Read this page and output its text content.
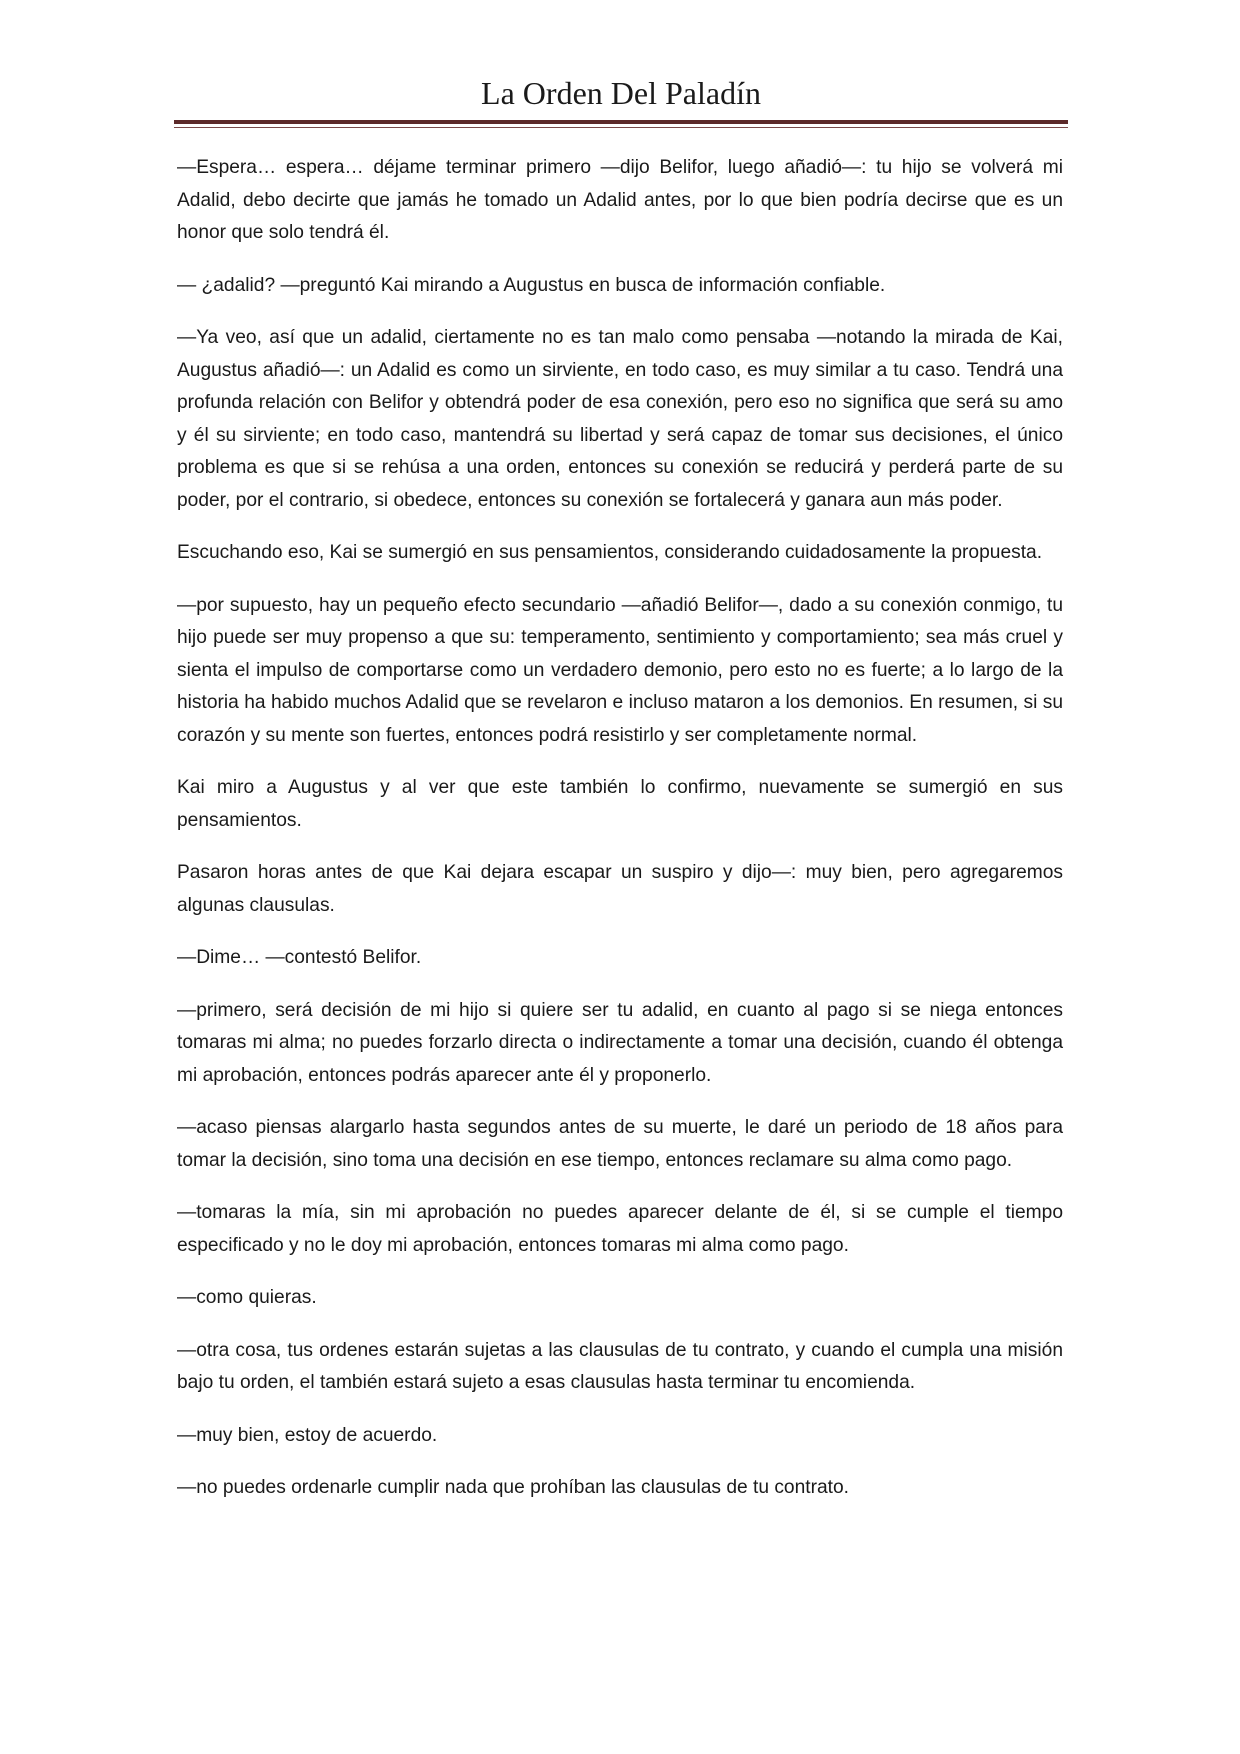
La Orden Del Paladín

—Espera… espera… déjame terminar primero —dijo Belifor, luego añadió—: tu hijo se volverá mi Adalid, debo decirte que jamás he tomado un Adalid antes, por lo que bien podría decirse que es un honor que solo tendrá él.

— ¿adalid? —preguntó Kai mirando a Augustus en busca de información confiable.

—Ya veo, así que un adalid, ciertamente no es tan malo como pensaba —notando la mirada de Kai, Augustus añadió—: un Adalid es como un sirviente, en todo caso, es muy similar a tu caso. Tendrá una profunda relación con Belifor y obtendrá poder de esa conexión, pero eso no significa que será su amo y él su sirviente; en todo caso, mantendrá su libertad y será capaz de tomar sus decisiones, el único problema es que si se rehúsa a una orden, entonces su conexión se reducirá y perderá parte de su poder, por el contrario, si obedece, entonces su conexión se fortalecerá y ganara aun más poder.

Escuchando eso, Kai se sumergió en sus pensamientos, considerando cuidadosamente la propuesta.

—por supuesto, hay un pequeño efecto secundario —añadió Belifor—, dado a su conexión conmigo, tu hijo puede ser muy propenso a que su: temperamento, sentimiento y comportamiento; sea más cruel y sienta el impulso de comportarse como un verdadero demonio, pero esto no es fuerte; a lo largo de la historia ha habido muchos Adalid que se revelaron e incluso mataron a los demonios. En resumen, si su corazón y su mente son fuertes, entonces podrá resistirlo y ser completamente normal.

Kai miro a Augustus y al ver que este también lo confirmo, nuevamente se sumergió en sus pensamientos.

Pasaron horas antes de que Kai dejara escapar un suspiro y dijo—: muy bien, pero agregaremos algunas clausulas.

—Dime… —contestó Belifor.

—primero, será decisión de mi hijo si quiere ser tu adalid, en cuanto al pago si se niega entonces tomaras mi alma; no puedes forzarlo directa o indirectamente a tomar una decisión, cuando él obtenga mi aprobación, entonces podrás aparecer ante él y proponerlo.

—acaso piensas alargarlo hasta segundos antes de su muerte, le daré un periodo de 18 años para tomar la decisión, sino toma una decisión en ese tiempo, entonces reclamare su alma como pago.

—tomaras la mía, sin mi aprobación no puedes aparecer delante de él, si se cumple el tiempo especificado y no le doy mi aprobación, entonces tomaras mi alma como pago.

—como quieras.

—otra cosa, tus ordenes estarán sujetas a las clausulas de tu contrato, y cuando el cumpla una misión bajo tu orden, el también estará sujeto a esas clausulas hasta terminar tu encomienda.

—muy bien, estoy de acuerdo.

—no puedes ordenarle cumplir nada que prohíban las clausulas de tu contrato.
